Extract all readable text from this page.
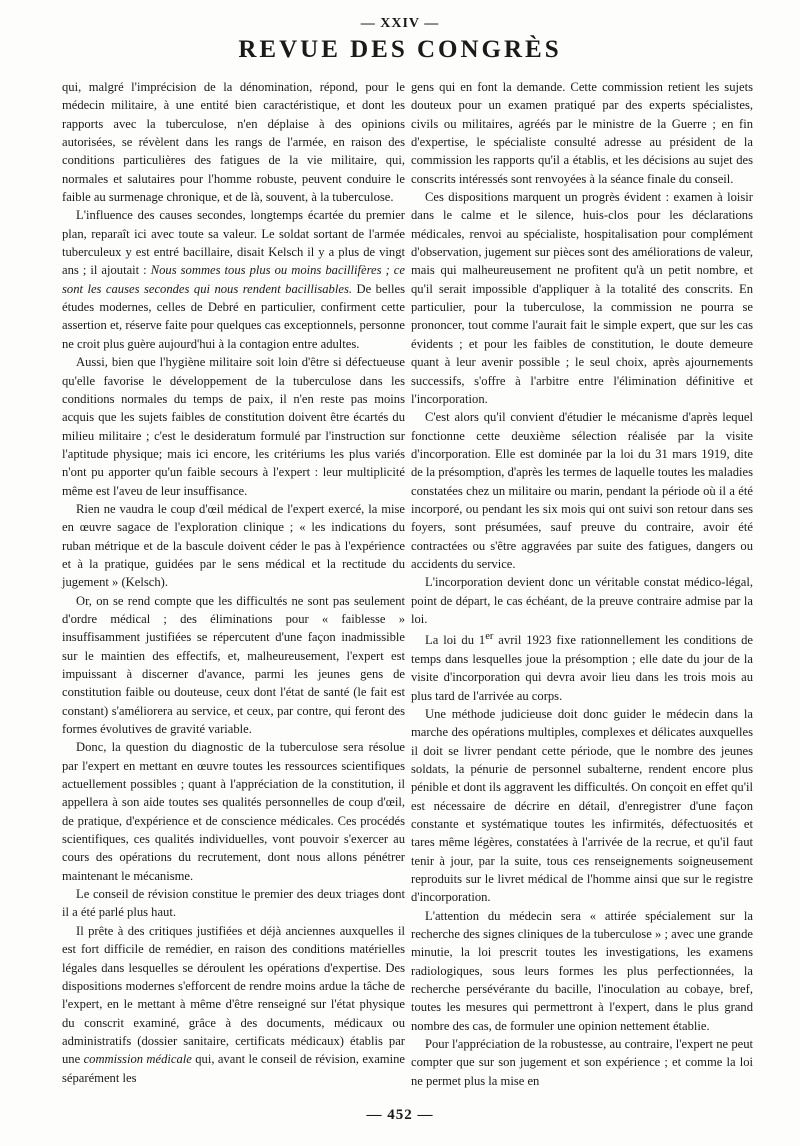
— XXIV —
REVUE DES CONGRÈS

qui, malgré l'imprécision de la dénomination, répond, pour le médecin militaire, à une entité bien caractéristique, et dont les rapports avec la tuberculose, n'en déplaise à des opinions autorisées, se révèlent dans les rangs de l'armée, en raison des conditions particulières des fatigues de la vie militaire, qui, normales et salutaires pour l'homme robuste, peuvent conduire le faible au surmenage chronique, et de là, souvent, à la tuberculose.

L'influence des causes secondes, longtemps écartée du premier plan, reparaît ici avec toute sa valeur. Le soldat sortant de l'armée tuberculeux y est entré bacillaire, disait Kelsch il y a plus de vingt ans ; il ajoutait : Nous sommes tous plus ou moins bacillifères ; ce sont les causes secondes qui nous rendent bacillisables. De belles études modernes, celles de Debré en particulier, confirment cette assertion et, réserve faite pour quelques cas exceptionnels, personne ne croit plus guère aujourd'hui à la contagion entre adultes.

Aussi, bien que l'hygiène militaire soit loin d'être si défectueuse qu'elle favorise le développement de la tuberculose dans les conditions normales du temps de paix, il n'en reste pas moins acquis que les sujets faibles de constitution doivent être écartés du milieu militaire ; c'est le desideratum formulé par l'instruction sur l'aptitude physique; mais ici encore, les critériums les plus variés n'ont pu apporter qu'un faible secours à l'expert : leur multiplicité même est l'aveu de leur insuffisance.

Rien ne vaudra le coup d'œil médical de l'expert exercé, la mise en œuvre sagace de l'exploration clinique ; « les indications du ruban métrique et de la bascule doivent céder le pas à l'expérience et à la pratique, guidées par le sens médical et la rectitude du jugement » (Kelsch).

Or, on se rend compte que les difficultés ne sont pas seulement d'ordre médical ; des éliminations pour « faiblesse » insuffisamment justifiées se répercutent d'une façon inadmissible sur le maintien des effectifs, et, malheureusement, l'expert est impuissant à discerner d'avance, parmi les jeunes gens de constitution faible ou douteuse, ceux dont l'état de santé (le fait est constant) s'améliorera au service, et ceux, par contre, qui feront des formes évolutives de gravité variable.

Donc, la question du diagnostic de la tuberculose sera résolue par l'expert en mettant en œuvre toutes les ressources scientifiques actuellement possibles ; quant à l'appréciation de la constitution, il appellera à son aide toutes ses qualités personnelles de coup d'œil, de pratique, d'expérience et de conscience médicales. Ces procédés scientifiques, ces qualités individuelles, vont pouvoir s'exercer au cours des opérations du recrutement, dont nous allons pénétrer maintenant le mécanisme.

Le conseil de révision constitue le premier des deux triages dont il a été parlé plus haut.

Il prête à des critiques justifiées et déjà anciennes auxquelles il est fort difficile de remédier, en raison des conditions matérielles légales dans lesquelles se déroulent les opérations d'expertise. Des dispositions modernes s'efforcent de rendre moins ardue la tâche de l'expert, en le mettant à même d'être renseigné sur l'état physique du conscrit examiné, grâce à des documents, médicaux ou administratifs (dossier sanitaire, certificats médicaux) établis par une commission médicale qui, avant le conseil de révision, examine séparément les

gens qui en font la demande. Cette commission retient les sujets douteux pour un examen pratiqué par des experts spécialistes, civils ou militaires, agréés par le ministre de la Guerre ; en fin d'expertise, le spécialiste consulté adresse au président de la commission les rapports qu'il a établis, et les décisions au sujet des conscrits intéressés sont renvoyées à la séance finale du conseil.

Ces dispositions marquent un progrès évident : examen à loisir dans le calme et le silence, huis-clos pour les déclarations médicales, renvoi au spécialiste, hospitalisation pour complément d'observation, jugement sur pièces sont des améliorations de valeur, mais qui malheureusement ne profitent qu'à un petit nombre, et qu'il serait impossible d'appliquer à la totalité des conscrits. En particulier, pour la tuberculose, la commission ne pourra se prononcer, tout comme l'aurait fait le simple expert, que sur les cas évidents ; et pour les faibles de constitution, le doute demeure quant à leur avenir possible ; le seul choix, après ajournements successifs, s'offre à l'arbitre entre l'élimination définitive et l'incorporation.

C'est alors qu'il convient d'étudier le mécanisme d'après lequel fonctionne cette deuxième sélection réalisée par la visite d'incorporation. Elle est dominée par la loi du 31 mars 1919, dite de la présomption, d'après les termes de laquelle toutes les maladies constatées chez un militaire ou marin, pendant la période où il a été incorporé, ou pendant les six mois qui ont suivi son retour dans ses foyers, sont présumées, sauf preuve du contraire, avoir été contractées ou s'être aggravées par suite des fatigues, dangers ou accidents du service.

L'incorporation devient donc un véritable constat médico-légal, point de départ, le cas échéant, de la preuve contraire admise par la loi.

La loi du 1er avril 1923 fixe rationnellement les conditions de temps dans lesquelles joue la présomption ; elle date du jour de la visite d'incorporation qui devra avoir lieu dans les trois mois au plus tard de l'arrivée au corps.

Une méthode judicieuse doit donc guider le médecin dans la marche des opérations multiples, complexes et délicates auxquelles il doit se livrer pendant cette période, que le nombre des jeunes soldats, la pénurie de personnel subalterne, rendent encore plus pénible et dont ils aggravent les difficultés. On conçoit en effet qu'il est nécessaire de décrire en détail, d'enregistrer d'une façon constante et systématique toutes les infirmités, défectuosités et tares même légères, constatées à l'arrivée de la recrue, et qu'il faut tenir à jour, par la suite, tous ces renseignements soigneusement reproduits sur le livret médical de l'homme ainsi que sur le registre d'incorporation.

L'attention du médecin sera « attirée spécialement sur la recherche des signes cliniques de la tuberculose » ; avec une grande minutie, la loi prescrit toutes les investigations, les examens radiologiques, sous leurs formes les plus perfectionnées, la recherche persévérante du bacille, l'inoculation au cobaye, bref, toutes les mesures qui permettront à l'expert, dans le plus grand nombre des cas, de formuler une opinion nettement établie.

Pour l'appréciation de la robustesse, au contraire, l'expert ne peut compter que sur son jugement et son expérience ; et comme la loi ne permet plus la mise en

— 452 —
